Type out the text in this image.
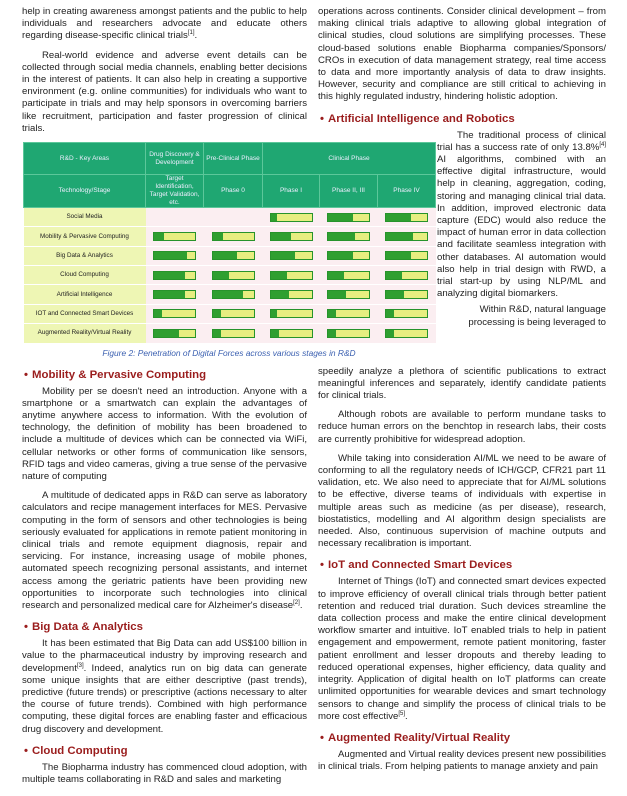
help in creating awareness amongst patients and the public to help individuals and researchers advocate and educate others regarding disease-specific clinical trials[1].

Real-world evidence and adverse event details can be collected through social media channels, enabling better decisions in the interest of patients. It can also help in creating a supportive environment (e.g. online communities) for individuals who want to participate in trials and may help sponsors in overcoming barriers like recruitment, participation and faster progression of clinical trials.

R&D - Key Areas	Drug Discovery & Development	Pre-Clinical Phase	Clinical Phase		
Technology/Stage	Target Identification, Target Validation, etc.	Phase 0	Phase I	Phase II, III	Phase IV
Social Media			

Mobility & Pervasive Computing	

Big Data & Analytics	

Cloud Computing	

Artificial Intelligence	

IOT and Connected Smart Devices	

Augmented Reality/Virtual Reality	

Figure 2: Penetration of Digital Forces across various stages in R&D
• Mobility & Pervasive Computing

Mobility per se doesn't need an introduction. Anyone with a smartphone or a smartwatch can explain the advantages of anytime anywhere access to information. With the evolution of technology, the definition of mobility has been broadened to include a multitude of devices which can be connected via WiFi, cellular networks or other forms of communication like sensors, RFID tags and video cameras, giving a true sense of the pervasive nature of computing

A multitude of dedicated apps in R&D can serve as laboratory calculators and recipe management interfaces for MES. Pervasive computing in the form of sensors and other technologies is being seriously evaluated for applications in remote patient monitoring in clinical trials and remote equipment diagnosis, repair and servicing. For instance, increasing usage of mobile phones, automated speech recognizing personal assistants, and internet access among the geriatric patients have been providing new opportunities to incorporate such technologies into clinical research and personalized medical care for Alzheimer's disease[2].

• Big Data & Analytics

It has been estimated that Big Data can add US$100 billion in value to the pharmaceutical industry by improving research and development[3]. Indeed, analytics run on big data can generate some unique insights that are either descriptive (past trends), predictive (future trends) or prescriptive (actions necessary to alter the course of future trends). Combined with high performance computing, these digital forces are enabling faster and efficacious drug discovery and development.

• Cloud Computing

The Biopharma industry has commenced cloud adoption, with multiple teams collaborating in R&D and sales and marketing

operations across continents. Consider clinical development – from making clinical trials adaptive to allowing global integration of clinical studies, cloud solutions are simplifying processes. These cloud-based solutions enable Biopharma companies/Sponsors/ CROs in execution of data management strategy, real time access to data and more importantly analysis of data to draw insights. However, security and compliance are still critical to achieving in this highly regulated industry, hindering holistic adoption.

• Artificial Intelligence and Robotics

The traditional process of clinical trial has a success rate of only 13.8%[4] AI algorithms, combined with an effective digital infrastructure, would help in cleaning, aggregation, coding, storing and managing clinical trial data. In addition, improved electronic data capture (EDC) would also reduce the impact of human error in data collection and facilitate seamless integration with other databases. AI automation would also help in trial design with RWD, a trial start-up by using NLP/ML and analyzing digital biomarkers.

Within R&D, natural language processing is being leveraged to

speedily analyze a plethora of scientific publications to extract meaningful inferences and separately, identify candidate patients for clinical trials.

Although robots are available to perform mundane tasks to reduce human errors on the benchtop in research labs, their costs are currently prohibitive for widespread adoption.

While taking into consideration AI/ML we need to be aware of conforming to all the regulatory needs of ICH/GCP, CFR21 part 11 validation, etc. We also need to appreciate that for AI/ML solutions to be effective, diverse teams of individuals with expertise in multiple areas such as medicine (as per disease), research, biostatistics, modelling and AI algorithm design specialists are needed. Also, continuous supervision of machine outputs and necessary recalibration is important.

• IoT and Connected Smart Devices

Internet of Things (IoT) and connected smart devices expected to improve efficiency of overall clinical trials through better patient retention and reduced trial duration. Such devices streamline the data collection process and make the entire clinical development workflow smarter and intuitive. IoT enabled trials to help in patient engagement and empowerment, remote patient monitoring, faster patient enrollment and lesser dropouts and thereby leading to reduced operational expenses, higher efficiency, data quality and integrity. Application of digital health on IoT platforms can create unlimited opportunities for wearable devices and smart technology sensors to change and simplify the process of clinical trials to be more cost effective[5].

• Augmented Reality/Virtual Reality

Augmented and Virtual reality devices present new possibilities in clinical trials. From helping patients to manage anxiety and pain
